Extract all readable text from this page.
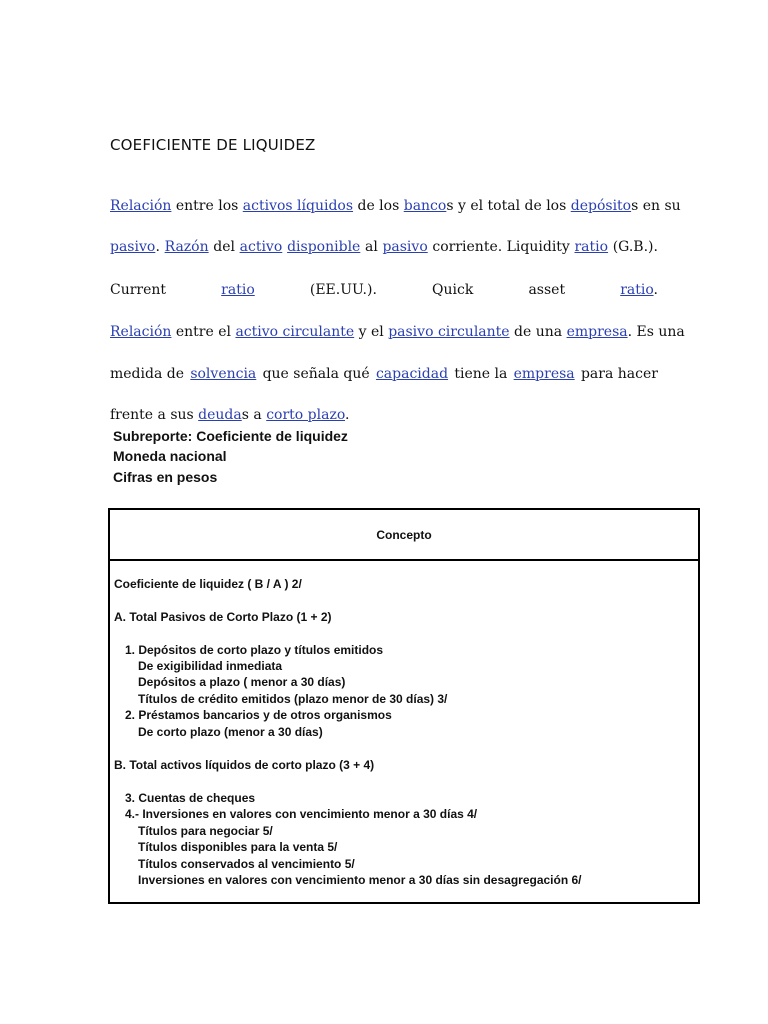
COEFICIENTE DE LIQUIDEZ
Relación entre los activos líquidos de los bancos y el total de los depósitos en su
pasivo . Razón del activo
disponible al pasivo corriente. Liquidity ratio (G.B.).
Current	ratio	(EE.UU.).	Quick	asset	ratio.
Relación entre el activo circulante y el pasivo circulante de una empresa. Es una
medida de solvencia que señala qué capacidad tiene la empresa para hacer
frente a sus deudas a corto plazo.
Subreporte: Coeficiente de liquidez
Moneda nacional
Cifras en pesos
Concepto
Coeficiente de liquidez ( B / A ) 2/
A. Total Pasivos de Corto Plazo (1 + 2)
1. Depósitos de corto plazo y títulos emitidos
De exigibilidad inmediata
Depósitos a plazo ( menor a 30 días)
Títulos de crédito emitidos (plazo menor de 30 días) 3/
2. Préstamos bancarios y de otros organismos
De corto plazo (menor a 30 días)
B. Total activos líquidos de corto plazo (3 + 4)
3. Cuentas de cheques
4.- Inversiones en valores con vencimiento menor a 30 días 4/
Títulos para negociar 5/
Títulos disponibles para la venta 5/
Títulos conservados al vencimiento 5/
Inversiones en valores con vencimiento menor a 30 días sin desagregación 6/
